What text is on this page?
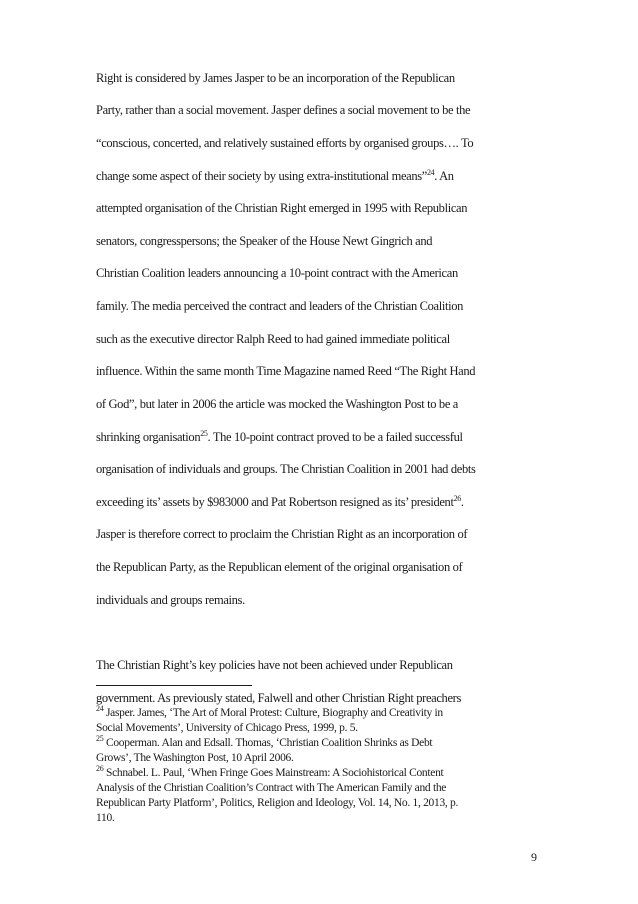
Right is considered by James Jasper to be an incorporation of the Republican
Party, rather than a social movement. Jasper defines a social movement to be the
“conscious, concerted, and relatively sustained efforts by organised groups…. To
change some aspect of their society by using extra-institutional means”$^{24}$. An
attempted organisation of the Christian Right emerged in 1995 with Republican
senators, congresspersons; the Speaker of the House Newt Gingrich and
Christian Coalition leaders announcing a 10-point contract with the American
family. The media perceived the contract and leaders of the Christian Coalition
such as the executive director Ralph Reed to had gained immediate political
influence. Within the same month Time Magazine named Reed “The Right Hand
of God”, but later in 2006 the article was mocked the Washington Post to be a
shrinking organisation$^{25}$. The 10-point contract proved to be a failed successful
organisation of individuals and groups. The Christian Coalition in 2001 had debts
exceeding its’ assets by $983000 and Pat Robertson resigned as its’ president$^{26}$.
Jasper is therefore correct to proclaim the Christian Right as an incorporation of
the Republican Party, as the Republican element of the original organisation of
individuals and groups remains.
The Christian Right’s key policies have not been achieved under Republican
government. As previously stated, Falwell and other Christian Right preachers
$^{24}$ Jasper. James, ‘The Art of Moral Protest: Culture, Biography and Creativity in
Social Movements’, University of Chicago Press, 1999, p. 5.
$^{25}$ Cooperman. Alan and Edsall. Thomas, ‘Christian Coalition Shrinks as Debt
Grows’, The Washington Post, 10 April 2006.
$^{26}$ Schnabel. L. Paul, ‘When Fringe Goes Mainstream: A Sociohistorical Content
Analysis of the Christian Coalition’s Contract with The American Family and the
Republican Party Platform’, Politics, Religion and Ideology, Vol. 14, No. 1, 2013, p.
110.
9
